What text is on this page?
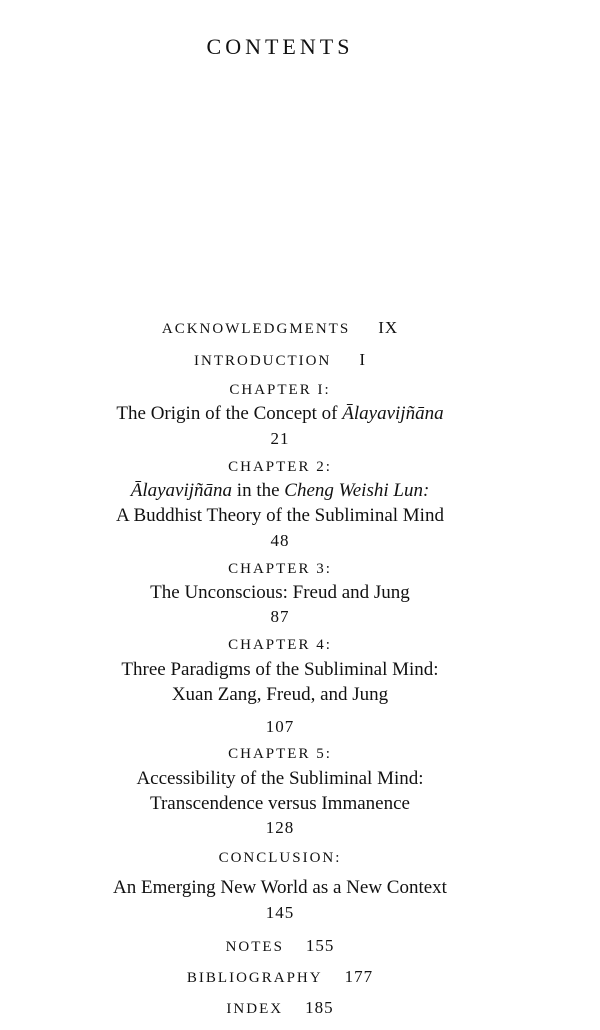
CONTENTS
ACKNOWLEDGMENTS IX
INTRODUCTION I
CHAPTER I:
The Origin of the Concept of Ālayavijñāna
21
CHAPTER 2:
Ālayavijñāna in the Cheng Weishi Lun:
A Buddhist Theory of the Subliminal Mind
48
CHAPTER 3:
The Unconscious: Freud and Jung
87
CHAPTER 4:
Three Paradigms of the Subliminal Mind:
Xuan Zang, Freud, and Jung
107
CHAPTER 5:
Accessibility of the Subliminal Mind:
Transcendence versus Immanence
128
CONCLUSION:
An Emerging New World as a New Context
145
NOTES 155
BIBLIOGRAPHY 177
INDEX 185
